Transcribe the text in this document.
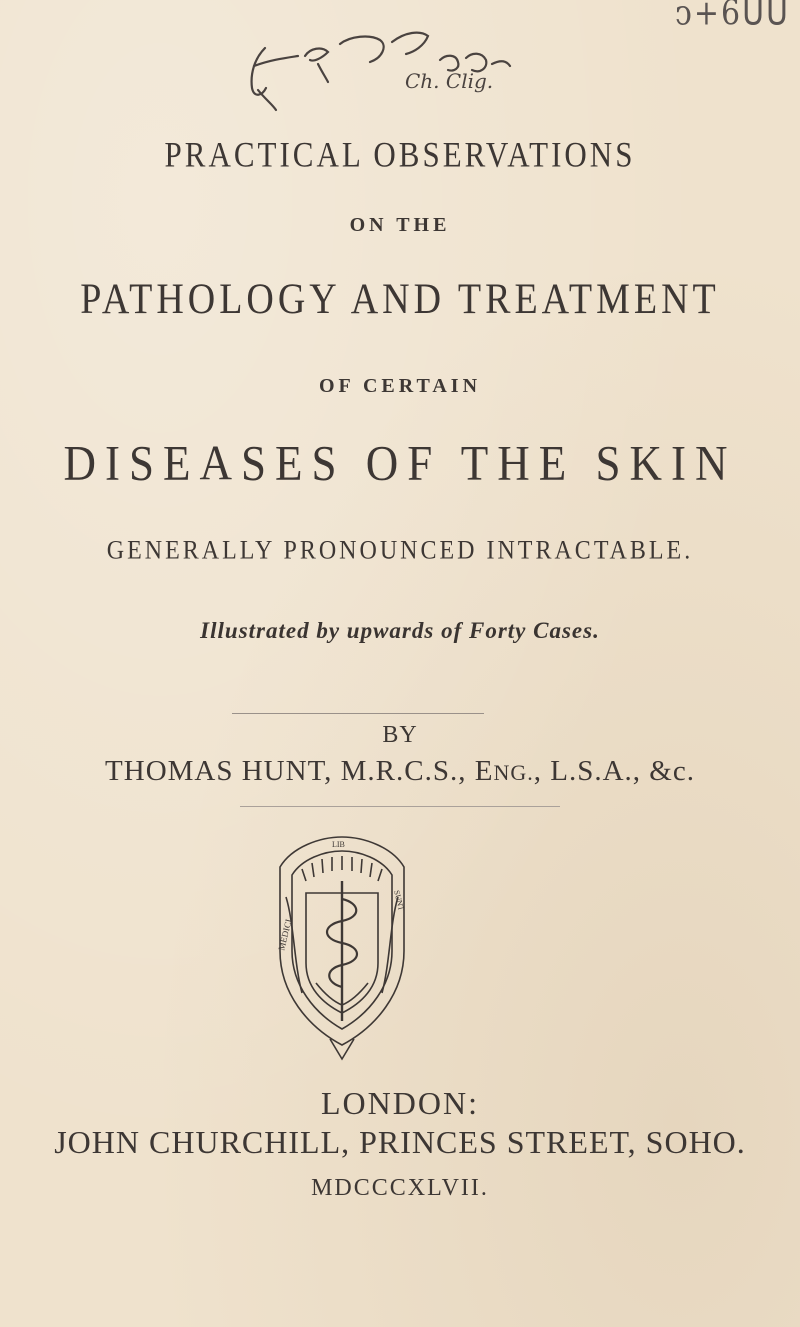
ͻ+6ᑌᑌ
Ch. Clig.
PRACTICAL OBSERVATIONS
ON THE
PATHOLOGY AND TREATMENT
OF CERTAIN
DISEASES OF THE SKIN
GENERALLY PRONOUNCED INTRACTABLE.
Illustrated by upwards of Forty Cases.
BY
THOMAS HUNT, M.R.C.S., ENG., L.S.A., &c.
MEDICI
LIB
SUNT
LONDON:
JOHN CHURCHILL, PRINCES STREET, SOHO.
MDCCCXLVII.
